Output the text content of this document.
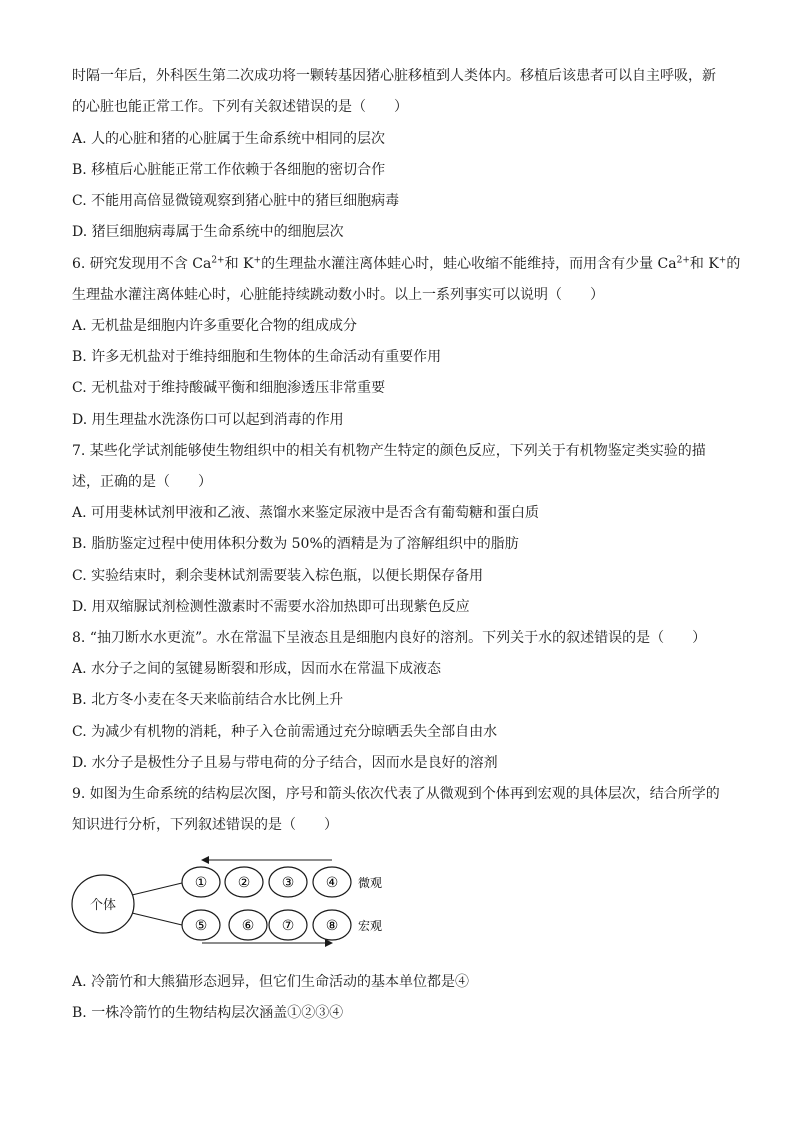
时隔一年后，外科医生第二次成功将一颗转基因猪心脏移植到人类体内。移植后该患者可以自主呼吸，新
的心脏也能正常工作。下列有关叙述错误的是（　　）
A. 人的心脏和猪的心脏属于生命系统中相同的层次
B. 移植后心脏能正常工作依赖于各细胞的密切合作
C. 不能用高倍显微镜观察到猪心脏中的猪巨细胞病毒
D. 猪巨细胞病毒属于生命系统中的细胞层次
6. 研究发现用不含 $Ca^{2+}$和 K+的生理盐水灌注离体蛙心时，蛙心收缩不能维持，而用含有少量 $Ca^{2+}$和 K+的
生理盐水灌注离体蛙心时，心脏能持续跳动数小时。以上一系列事实可以说明（　　）
A. 无机盐是细胞内许多重要化合物的组成成分
B. 许多无机盐对于维持细胞和生物体的生命活动有重要作用
C. 无机盐对于维持酸碱平衡和细胞渗透压非常重要
D. 用生理盐水洗涤伤口可以起到消毒的作用
7. 某些化学试剂能够使生物组织中的相关有机物产生特定的颜色反应，下列关于有机物鉴定类实验的描
述，正确的是（　　）
A. 可用斐林试剂甲液和乙液、蒸馏水来鉴定尿液中是否含有葡萄糖和蛋白质
B. 脂肪鉴定过程中使用体积分数为 50%的酒精是为了溶解组织中的脂肪
C. 实验结束时，剩余斐林试剂需要装入棕色瓶，以便长期保存备用
D. 用双缩脲试剂检测性激素时不需要水浴加热即可出现紫色反应
8. “抽刀断水水更流”。水在常温下呈液态且是细胞内良好的溶剂。下列关于水的叙述错误的是（　　）
A. 水分子之间的氢键易断裂和形成，因而水在常温下成液态
B. 北方冬小麦在冬天来临前结合水比例上升
C. 为减少有机物的消耗，种子入仓前需通过充分晾晒丢失全部自由水
D. 水分子是极性分子且易与带电荷的分子结合，因而水是良好的溶剂
9. 如图为生命系统的结构层次图，序号和箭头依次代表了从微观到个体再到宏观的具体层次，结合所学的
知识进行分析，下列叙述错误的是（　　）
个体
① ② ③ ④
⑤ ⑥ ⑦ ⑧
微观
宏观
A. 冷箭竹和大熊猫形态迥异，但它们生命活动的基本单位都是④
B. 一株冷箭竹的生物结构层次涵盖①②③④
